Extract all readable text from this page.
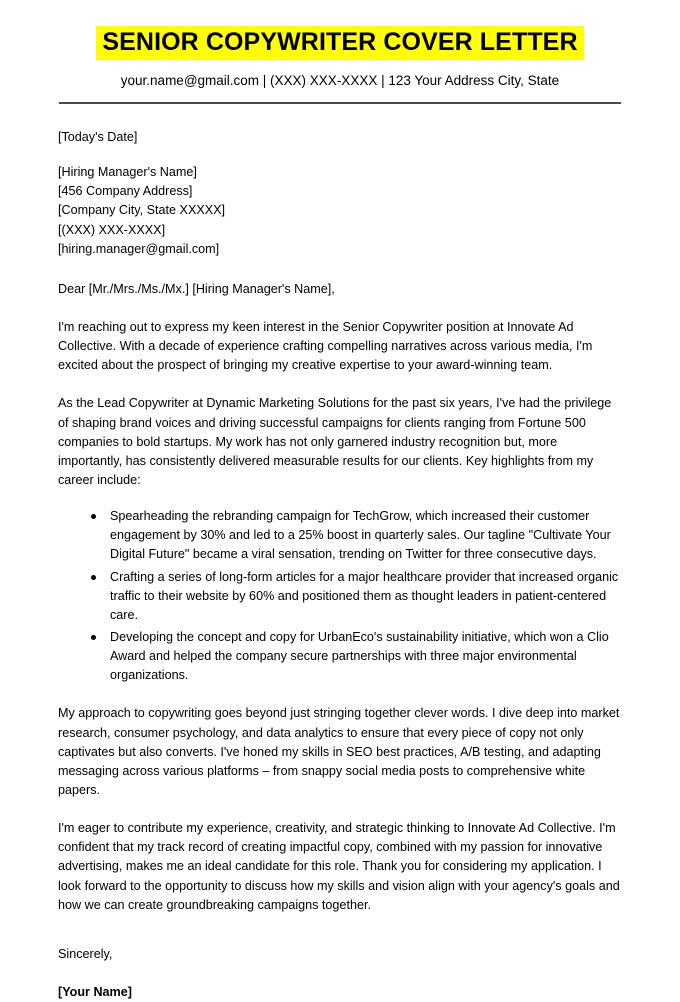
SENIOR COPYWRITER COVER LETTER
your.name@gmail.com | (XXX) XXX-XXXX | 123 Your Address City, State
[Today's Date]
[Hiring Manager's Name]
[456 Company Address]
[Company City, State XXXXX]
[(XXX) XXX-XXXX]
[hiring.manager@gmail.com]
Dear [Mr./Mrs./Ms./Mx.] [Hiring Manager's Name],

I'm reaching out to express my keen interest in the Senior Copywriter position at Innovate Ad Collective. With a decade of experience crafting compelling narratives across various media, I'm excited about the prospect of bringing my creative expertise to your award-winning team.

As the Lead Copywriter at Dynamic Marketing Solutions for the past six years, I've had the privilege of shaping brand voices and driving successful campaigns for clients ranging from Fortune 500 companies to bold startups. My work has not only garnered industry recognition but, more importantly, has consistently delivered measurable results for our clients. Key highlights from my career include:

Spearheading the rebranding campaign for TechGrow, which increased their customer engagement by 30% and led to a 25% boost in quarterly sales. Our tagline "Cultivate Your Digital Future" became a viral sensation, trending on Twitter for three consecutive days.
Crafting a series of long-form articles for a major healthcare provider that increased organic traffic to their website by 60% and positioned them as thought leaders in patient-centered care.
Developing the concept and copy for UrbanEco's sustainability initiative, which won a Clio Award and helped the company secure partnerships with three major environmental organizations.

My approach to copywriting goes beyond just stringing together clever words. I dive deep into market research, consumer psychology, and data analytics to ensure that every piece of copy not only captivates but also converts. I've honed my skills in SEO best practices, A/B testing, and adapting messaging across various platforms – from snappy social media posts to comprehensive white papers.

I'm eager to contribute my experience, creativity, and strategic thinking to Innovate Ad Collective. I'm confident that my track record of creating impactful copy, combined with my passion for innovative advertising, makes me an ideal candidate for this role. Thank you for considering my application. I look forward to the opportunity to discuss how my skills and vision align with your agency's goals and how we can create groundbreaking campaigns together.

Sincerely,
[Your Name]
